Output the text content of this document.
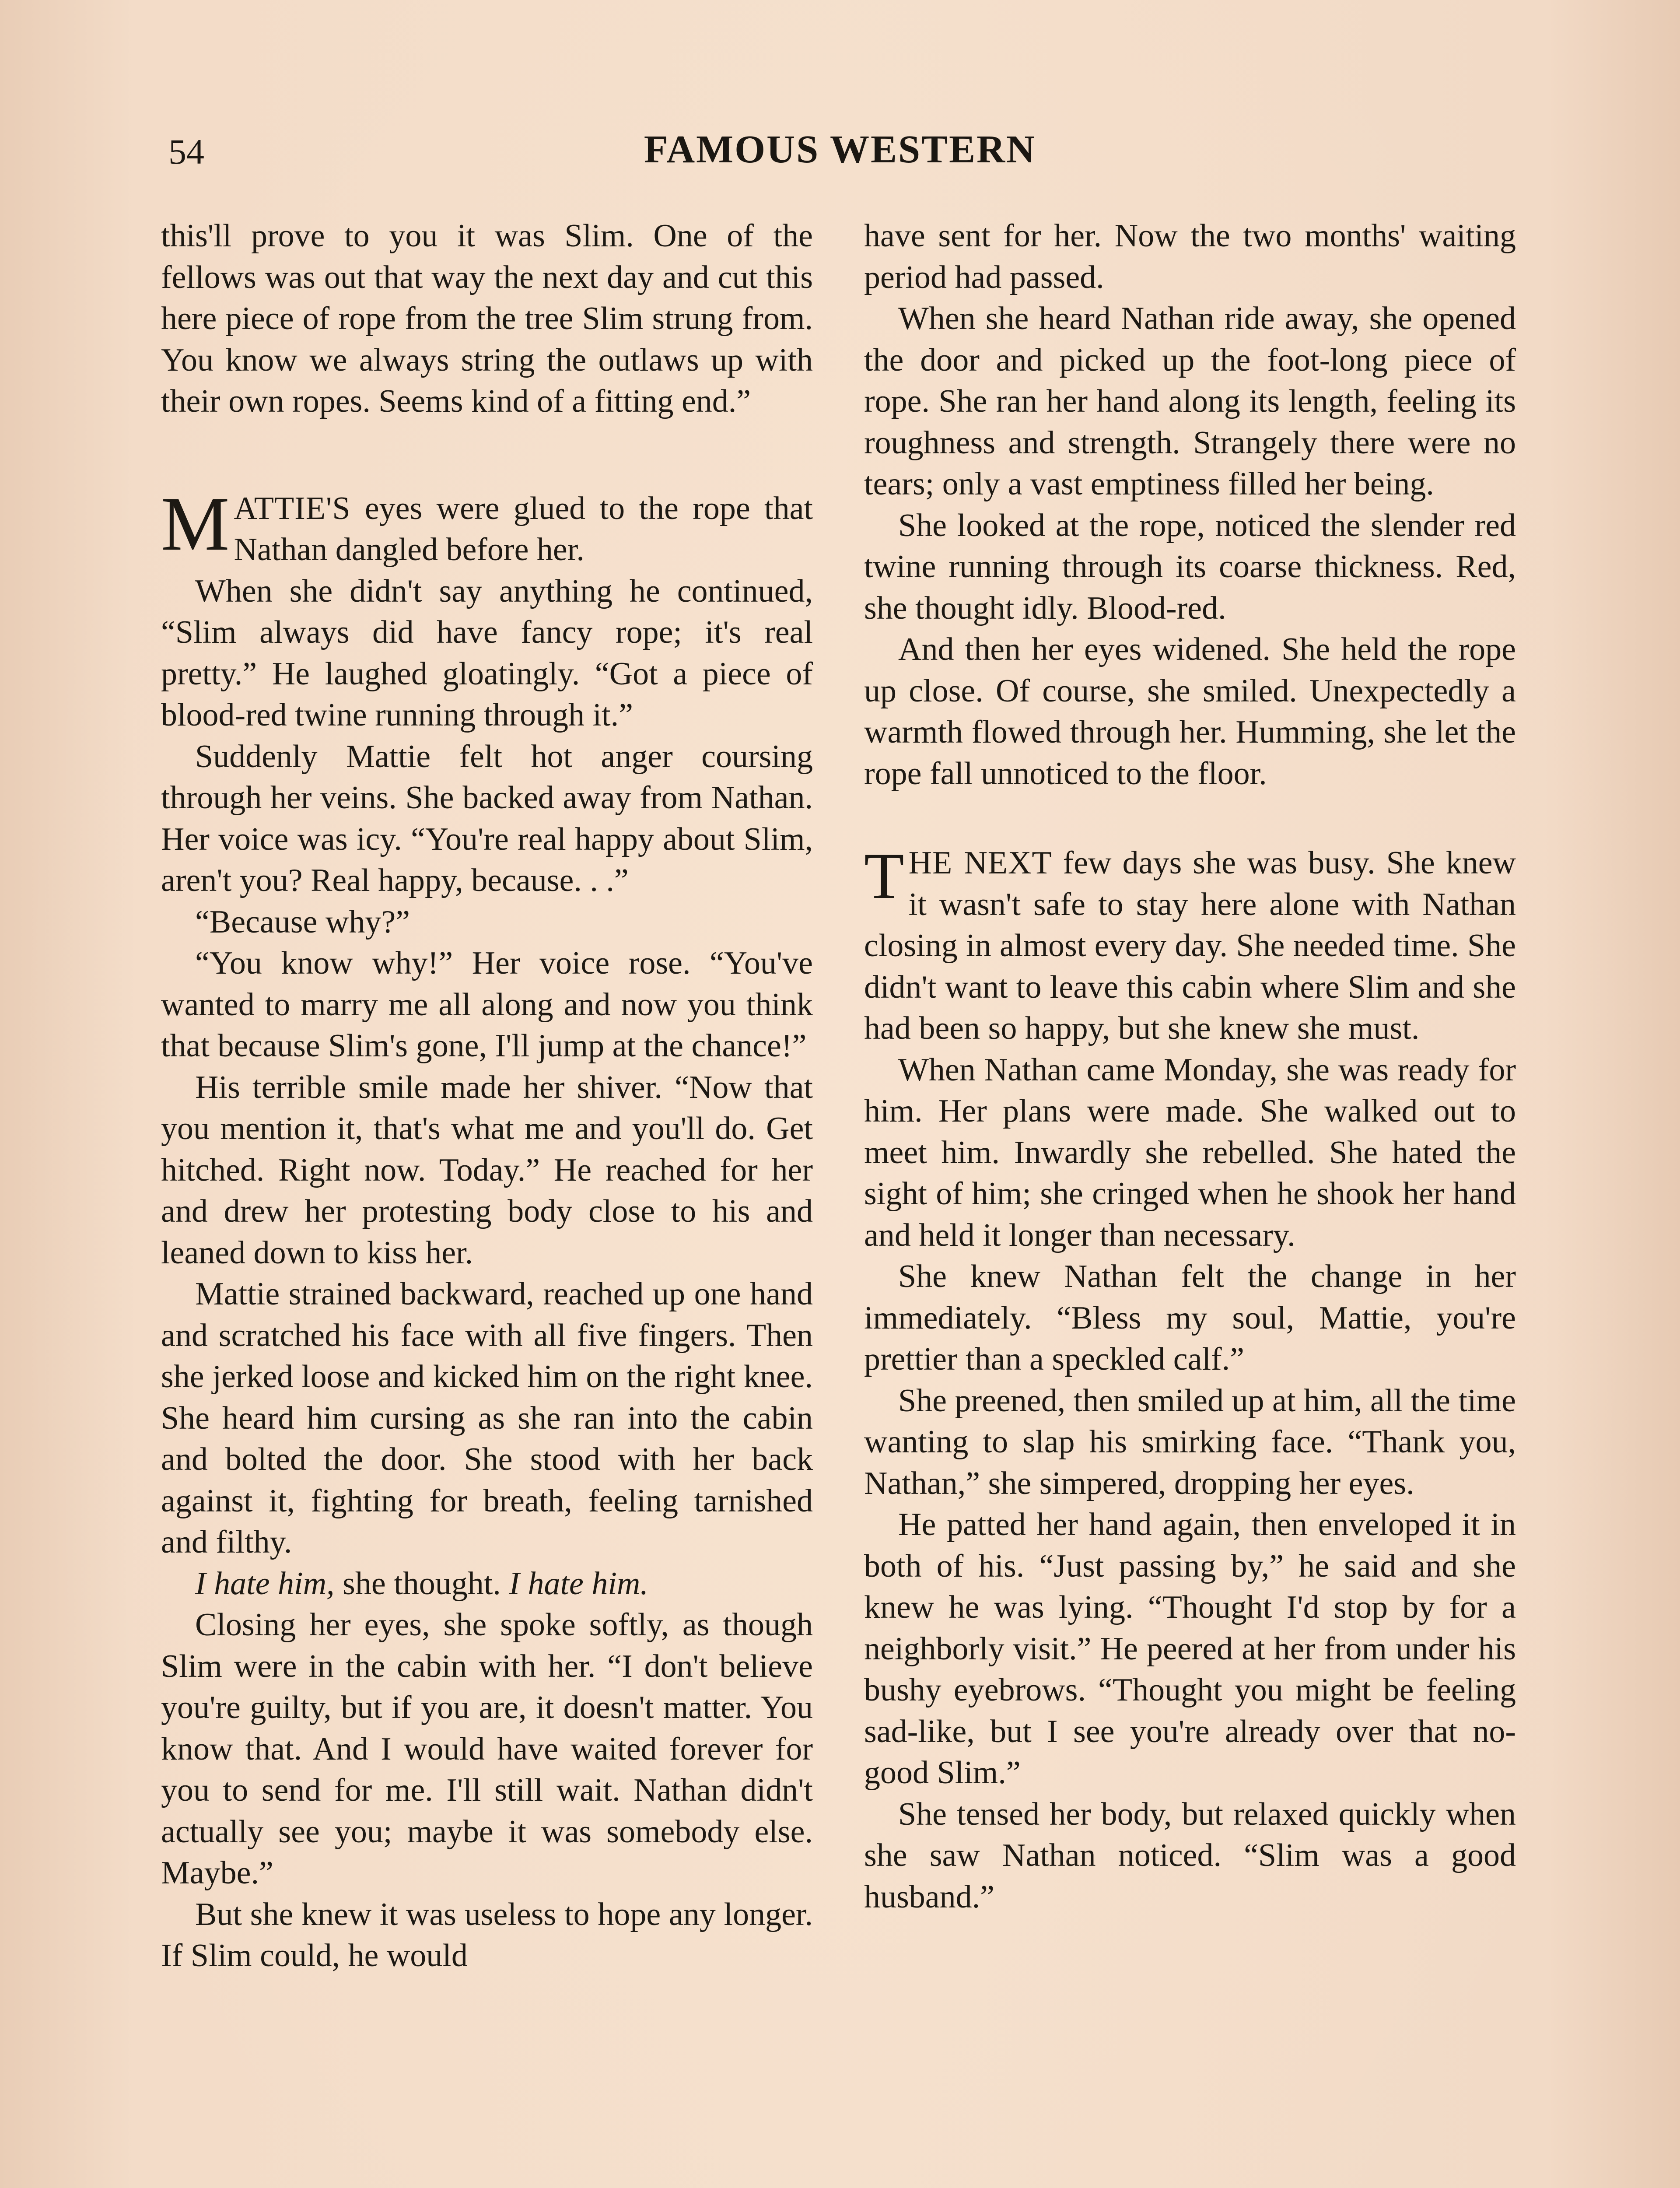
54	FAMOUS WESTERN

this'll prove to you it was Slim. One of the fellows was out that way the next day and cut this here piece of rope from the tree Slim strung from. You know we always string the outlaws up with their own ropes. Seems kind of a fitting end.”

MATTIE'S eyes were glued to the rope that Nathan dangled before her.

When she didn't say anything he continued, “Slim always did have fancy rope; it's real pretty.” He laughed gloatingly. “Got a piece of blood-red twine running through it.”

Suddenly Mattie felt hot anger coursing through her veins. She backed away from Nathan. Her voice was icy. “You're real happy about Slim, aren't you? Real happy, because. . .”

“Because why?”

“You know why!” Her voice rose. “You've wanted to marry me all along and now you think that because Slim's gone, I'll jump at the chance!”

His terrible smile made her shiver. “Now that you mention it, that's what me and you'll do. Get hitched. Right now. Today.” He reached for her and drew her protesting body close to his and leaned down to kiss her.

Mattie strained backward, reached up one hand and scratched his face with all five fingers. Then she jerked loose and kicked him on the right knee. She heard him cursing as she ran into the cabin and bolted the door. She stood with her back against it, fighting for breath, feeling tarnished and filthy.

I hate him, she thought. I hate him.

Closing her eyes, she spoke softly, as though Slim were in the cabin with her. “I don't believe you're guilty, but if you are, it doesn't matter. You know that. And I would have waited forever for you to send for me. I'll still wait. Nathan didn't actually see you; maybe it was somebody else. Maybe.”

But she knew it was useless to hope any longer. If Slim could, he would

have sent for her. Now the two months' waiting period had passed.

When she heard Nathan ride away, she opened the door and picked up the foot-long piece of rope. She ran her hand along its length, feeling its roughness and strength. Strangely there were no tears; only a vast emptiness filled her being.

She looked at the rope, noticed the slender red twine running through its coarse thickness. Red, she thought idly. Blood-red.

And then her eyes widened. She held the rope up close. Of course, she smiled. Unexpectedly a warmth flowed through her. Humming, she let the rope fall unnoticed to the floor.

THE NEXT few days she was busy. She knew it wasn't safe to stay here alone with Nathan closing in almost every day. She needed time. She didn't want to leave this cabin where Slim and she had been so happy, but she knew she must.

When Nathan came Monday, she was ready for him. Her plans were made. She walked out to meet him. Inwardly she rebelled. She hated the sight of him; she cringed when he shook her hand and held it longer than necessary.

She knew Nathan felt the change in her immediately. “Bless my soul, Mattie, you're prettier than a speckled calf.”

She preened, then smiled up at him, all the time wanting to slap his smirking face. “Thank you, Nathan,” she simpered, dropping her eyes.

He patted her hand again, then enveloped it in both of his. “Just passing by,” he said and she knew he was lying. “Thought I'd stop by for a neighborly visit.” He peered at her from under his bushy eyebrows. “Thought you might be feeling sad-like, but I see you're already over that no-good Slim.”

She tensed her body, but relaxed quickly when she saw Nathan noticed. “Slim was a good husband.”
